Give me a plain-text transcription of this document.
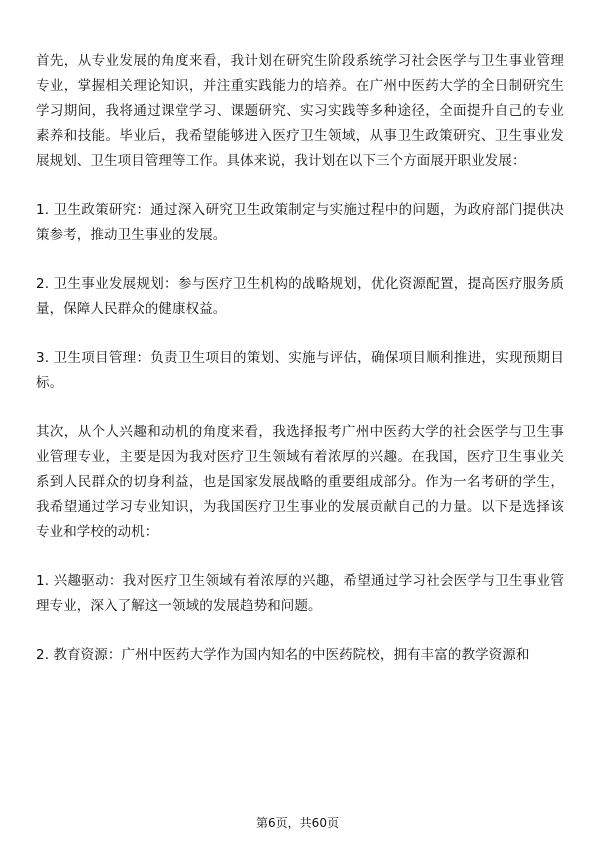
首先，从专业发展的角度来看，我计划在研究生阶段系统学习社会医学与卫生事业管理专业，掌握相关理论知识，并注重实践能力的培养。在广州中医药大学的全日制研究生学习期间，我将通过课堂学习、课题研究、实习实践等多种途径，全面提升自己的专业素养和技能。毕业后，我希望能够进入医疗卫生领域，从事卫生政策研究、卫生事业发展规划、卫生项目管理等工作。具体来说，我计划在以下三个方面展开职业发展：

1. 卫生政策研究：通过深入研究卫生政策制定与实施过程中的问题，为政府部门提供决策参考，推动卫生事业的发展。

2. 卫生事业发展规划：参与医疗卫生机构的战略规划，优化资源配置，提高医疗服务质量，保障人民群众的健康权益。

3. 卫生项目管理：负责卫生项目的策划、实施与评估，确保项目顺利推进，实现预期目标。

其次，从个人兴趣和动机的角度来看，我选择报考广州中医药大学的社会医学与卫生事业管理专业，主要是因为我对医疗卫生领域有着浓厚的兴趣。在我国，医疗卫生事业关系到人民群众的切身利益，也是国家发展战略的重要组成部分。作为一名考研的学生，我希望通过学习专业知识，为我国医疗卫生事业的发展贡献自己的力量。以下是选择该专业和学校的动机：

1. 兴趣驱动：我对医疗卫生领域有着浓厚的兴趣，希望通过学习社会医学与卫生事业管理专业，深入了解这一领域的发展趋势和问题。

2. 教育资源：广州中医药大学作为国内知名的中医药院校，拥有丰富的教学资源和

第6页，共60页
